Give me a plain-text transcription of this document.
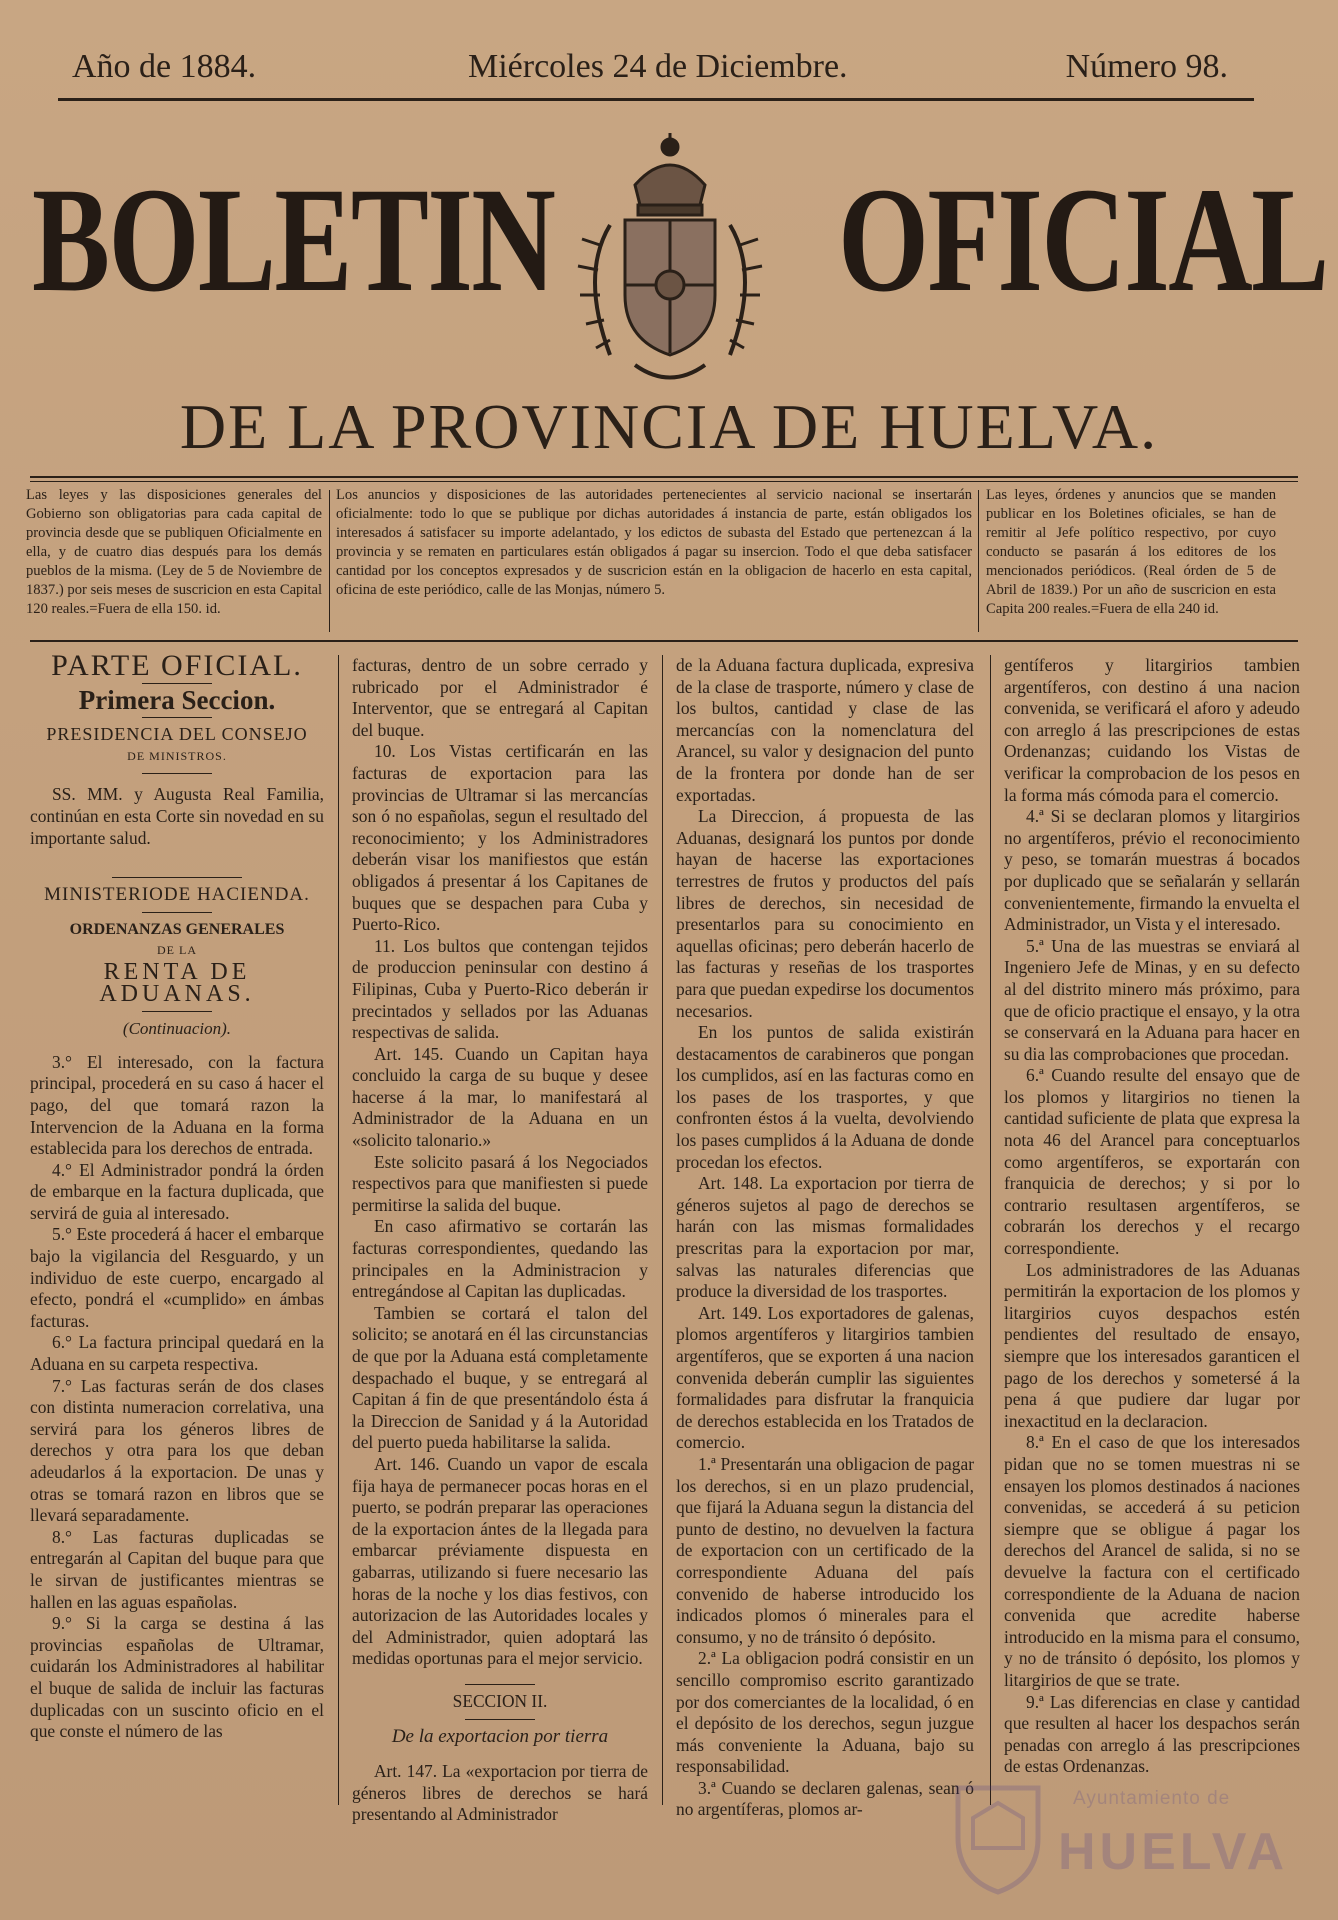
Año de 1884.	Miércoles 24 de Diciembre.	Número 98.
BOLETIN OFICIAL
DE LA PROVINCIA DE HUELVA.
Las leyes y las disposiciones generales del Gobierno son obligatorias para cada capital de provincia desde que se publiquen Oficialmente en ella, y de cuatro dias después para los demás pueblos de la misma. (Ley de 5 de Noviembre de 1837.) por seis meses de suscricion en esta Capital 120 reales.=Fuera de ella 150. id.
Los anuncios y disposiciones de las autoridades pertenecientes al servicio nacional se insertarán oficialmente: todo lo que se publique por dichas autoridades á instancia de parte, están obligados los interesados á satisfacer su importe adelantado, y los edictos de subasta del Estado que pertenezcan á la provincia y se rematen en particulares están obligados á pagar su insercion. Todo el que deba satisfacer cantidad por los conceptos expresados y de suscricion están en la obligacion de hacerlo en esta capital, oficina de este periódico, calle de las Monjas, número 5.
Las leyes, órdenes y anuncios que se manden publicar en los Boletines oficiales, se han de remitir al Jefe político respectivo, por cuyo conducto se pasarán á los editores de los mencionados periódicos. (Real órden de 5 de Abril de 1839.) Por un año de suscricion en esta Capita 200 reales.=Fuera de ella 240 id.

PARTE OFICIAL.

Primera Seccion.

PRESIDENCIA DEL CONSEJO

DE MINISTROS.

SS. MM. y Augusta Real Familia, continúan en esta Corte sin novedad en su importante salud.

MINISTERIODE HACIENDA.

ORDENANZAS GENERALES

DE LA

RENTA DE ADUANAS.

(Continuacion).

3.° El interesado, con la factura principal, procederá en su caso á hacer el pago, del que tomará razon la Intervencion de la Aduana en la forma establecida para los derechos de entrada.

4.° El Administrador pondrá la órden de embarque en la factura duplicada, que servirá de guia al interesado.

5.° Este procederá á hacer el embarque bajo la vigilancia del Resguardo, y un individuo de este cuerpo, encargado al efecto, pondrá el «cumplido» en ámbas facturas.

6.° La factura principal quedará en la Aduana en su carpeta respectiva.

7.° Las facturas serán de dos clases con distinta numeracion correlativa, una servirá para los géneros libres de derechos y otra para los que deban adeudarlos á la exportacion. De unas y otras se tomará razon en libros que se llevará separadamente.

8.° Las facturas duplicadas se entregarán al Capitan del buque para que le sirvan de justificantes mientras se hallen en las aguas españolas.

9.° Si la carga se destina á las provincias españolas de Ultramar, cuidarán los Administradores al habilitar el buque de salida de incluir las facturas duplicadas con un suscinto oficio en el que conste el número de las

facturas, dentro de un sobre cerrado y rubricado por el Administrador é Interventor, que se entregará al Capitan del buque.

10. Los Vistas certificarán en las facturas de exportacion para las provincias de Ultramar si las mercancías son ó no españolas, segun el resultado del reconocimiento; y los Administradores deberán visar los manifiestos que están obligados á presentar á los Capitanes de buques que se despachen para Cuba y Puerto-Rico.

11. Los bultos que contengan tejidos de produccion peninsular con destino á Filipinas, Cuba y Puerto-Rico deberán ir precintados y sellados por las Aduanas respectivas de salida.

Art. 145. Cuando un Capitan haya concluido la carga de su buque y desee hacerse á la mar, lo manifestará al Administrador de la Aduana en un «solicito talonario.»

Este solicito pasará á los Negociados respectivos para que manifiesten si puede permitirse la salida del buque.

En caso afirmativo se cortarán las facturas correspondientes, quedando las principales en la Administracion y entregándose al Capitan las duplicadas.

Tambien se cortará el talon del solicito; se anotará en él las circunstancias de que por la Aduana está completamente despachado el buque, y se entregará al Capitan á fin de que presentándolo ésta á la Direccion de Sanidad y á la Autoridad del puerto pueda habilitarse la salida.

Art. 146. Cuando un vapor de escala fija haya de permanecer pocas horas en el puerto, se podrán preparar las operaciones de la exportacion ántes de la llegada para embarcar préviamente dispuesta en gabarras, utilizando si fuere necesario las horas de la noche y los dias festivos, con autorizacion de las Autoridades locales y del Administrador, quien adoptará las medidas oportunas para el mejor servicio.

SECCION II.

De la exportacion por tierra

Art. 147. La «exportacion por tierra de géneros libres de derechos se hará presentando al Administrador

de la Aduana factura duplicada, expresiva de la clase de trasporte, número y clase de los bultos, cantidad y clase de las mercancías con la nomenclatura del Arancel, su valor y designacion del punto de la frontera por donde han de ser exportadas.

La Direccion, á propuesta de las Aduanas, designará los puntos por donde hayan de hacerse las exportaciones terrestres de frutos y productos del país libres de derechos, sin necesidad de presentarlos para su conocimiento en aquellas oficinas; pero deberán hacerlo de las facturas y reseñas de los trasportes para que puedan expedirse los documentos necesarios.

En los puntos de salida existirán destacamentos de carabineros que pongan los cumplidos, así en las facturas como en los pases de los trasportes, y que confronten éstos á la vuelta, devolviendo los pases cumplidos á la Aduana de donde procedan los efectos.

Art. 148. La exportacion por tierra de géneros sujetos al pago de derechos se harán con las mismas formalidades prescritas para la exportacion por mar, salvas las naturales diferencias que produce la diversidad de los trasportes.

Art. 149. Los exportadores de galenas, plomos argentíferos y litargirios tambien argentíferos, que se exporten á una nacion convenida deberán cumplir las siguientes formalidades para disfrutar la franquicia de derechos establecida en los Tratados de comercio.

1.ª Presentarán una obligacion de pagar los derechos, si en un plazo prudencial, que fijará la Aduana segun la distancia del punto de destino, no devuelven la factura de exportacion con un certificado de la correspondiente Aduana del país convenido de haberse introducido los indicados plomos ó minerales para el consumo, y no de tránsito ó depósito.

2.ª La obligacion podrá consistir en un sencillo compromiso escrito garantizado por dos comerciantes de la localidad, ó en el depósito de los derechos, segun juzgue más conveniente la Aduana, bajo su responsabilidad.

3.ª Cuando se declaren galenas, sean ó no argentíferas, plomos ar-

gentíferos y litargirios tambien argentíferos, con destino á una nacion convenida, se verificará el aforo y adeudo con arreglo á las prescripciones de estas Ordenanzas; cuidando los Vistas de verificar la comprobacion de los pesos en la forma más cómoda para el comercio.

4.ª Si se declaran plomos y litargirios no argentíferos, prévio el reconocimiento y peso, se tomarán muestras á bocados por duplicado que se señalarán y sellarán convenientemente, firmando la envuelta el Administrador, un Vista y el interesado.

5.ª Una de las muestras se enviará al Ingeniero Jefe de Minas, y en su defecto al del distrito minero más próximo, para que de oficio practique el ensayo, y la otra se conservará en la Aduana para hacer en su dia las comprobaciones que procedan.

6.ª Cuando resulte del ensayo que de los plomos y litargirios no tienen la cantidad suficiente de plata que expresa la nota 46 del Arancel para conceptuarlos como argentíferos, se exportarán con franquicia de derechos; y si por lo contrario resultasen argentíferos, se cobrarán los derechos y el recargo correspondiente.

Los administradores de las Aduanas permitirán la exportacion de los plomos y litargirios cuyos despachos estén pendientes del resultado de ensayo, siempre que los interesados garanticen el pago de los derechos y sometersé á la pena á que pudiere dar lugar por inexactitud en la declaracion.

8.ª En el caso de que los interesados pidan que no se tomen muestras ni se ensayen los plomos destinados á naciones convenidas, se accederá á su peticion siempre que se obligue á pagar los derechos del Arancel de salida, si no se devuelve la factura con el certificado correspondiente de la Aduana de nacion convenida que acredite haberse introducido en la misma para el consumo, y no de tránsito ó depósito, los plomos y litargirios de que se trate.

9.ª Las diferencias en clase y cantidad que resulten al hacer los despachos serán penadas con arreglo á las prescripciones de estas Ordenanzas.

Ayuntamiento de
HUELVA
